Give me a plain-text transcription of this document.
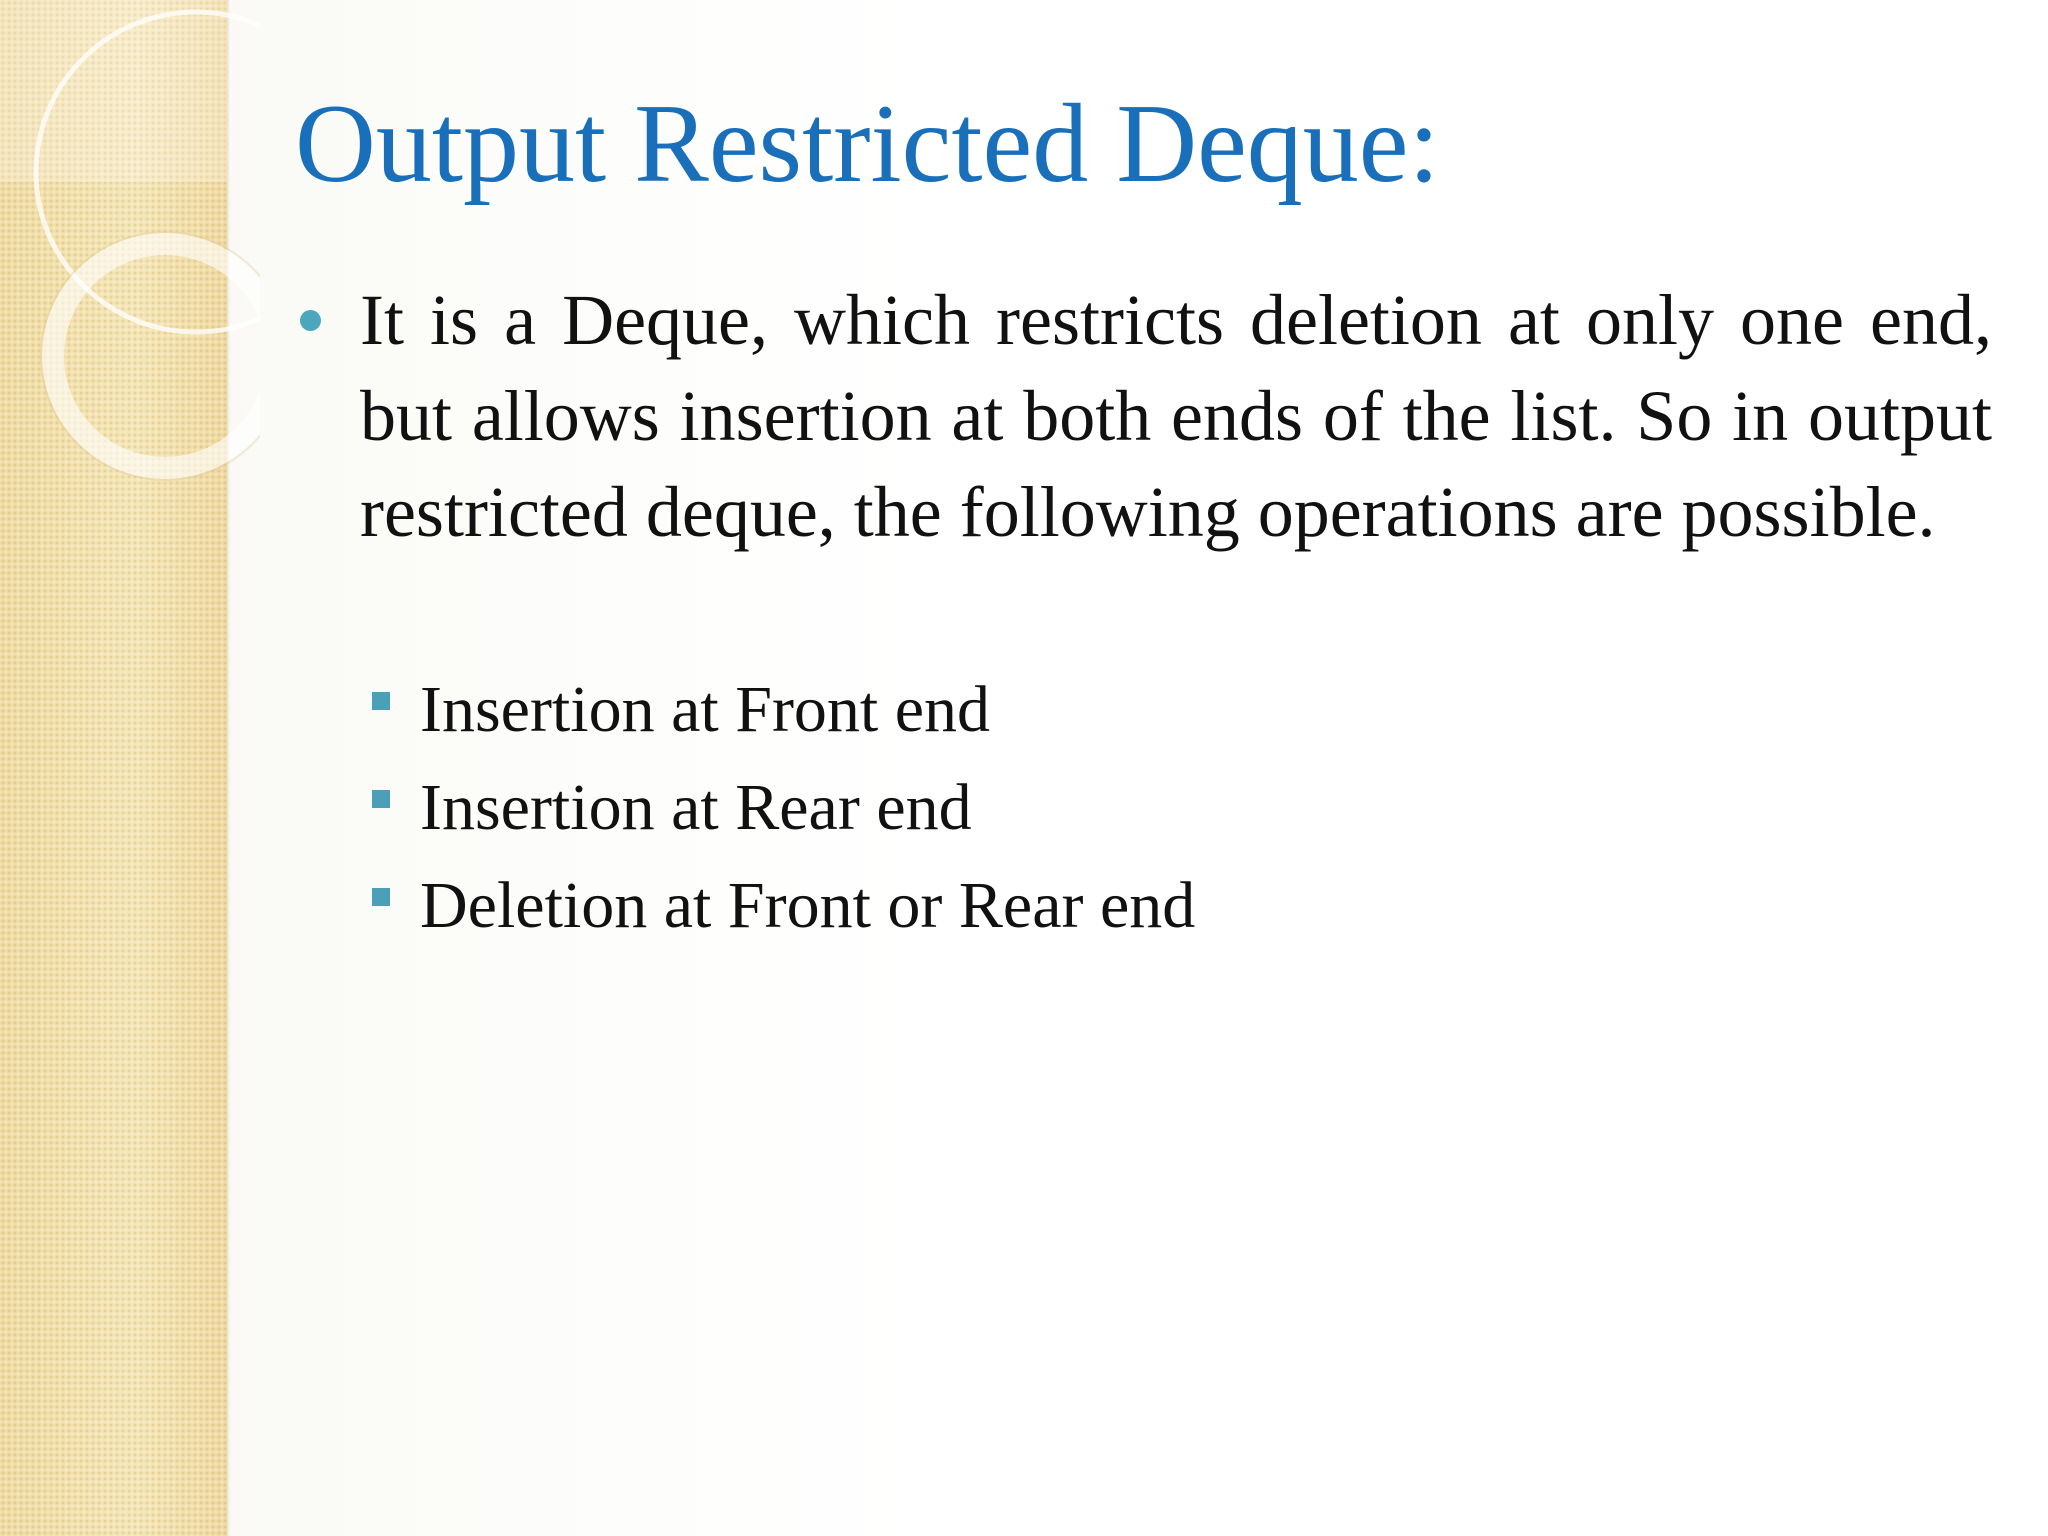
Output Restricted Deque:

It is a Deque, which restricts deletion at only one end, but allows insertion at both ends of the list. So in output restricted deque, the following operations are possible.

Insertion at Front end
Insertion at Rear end
Deletion at Front or Rear end
